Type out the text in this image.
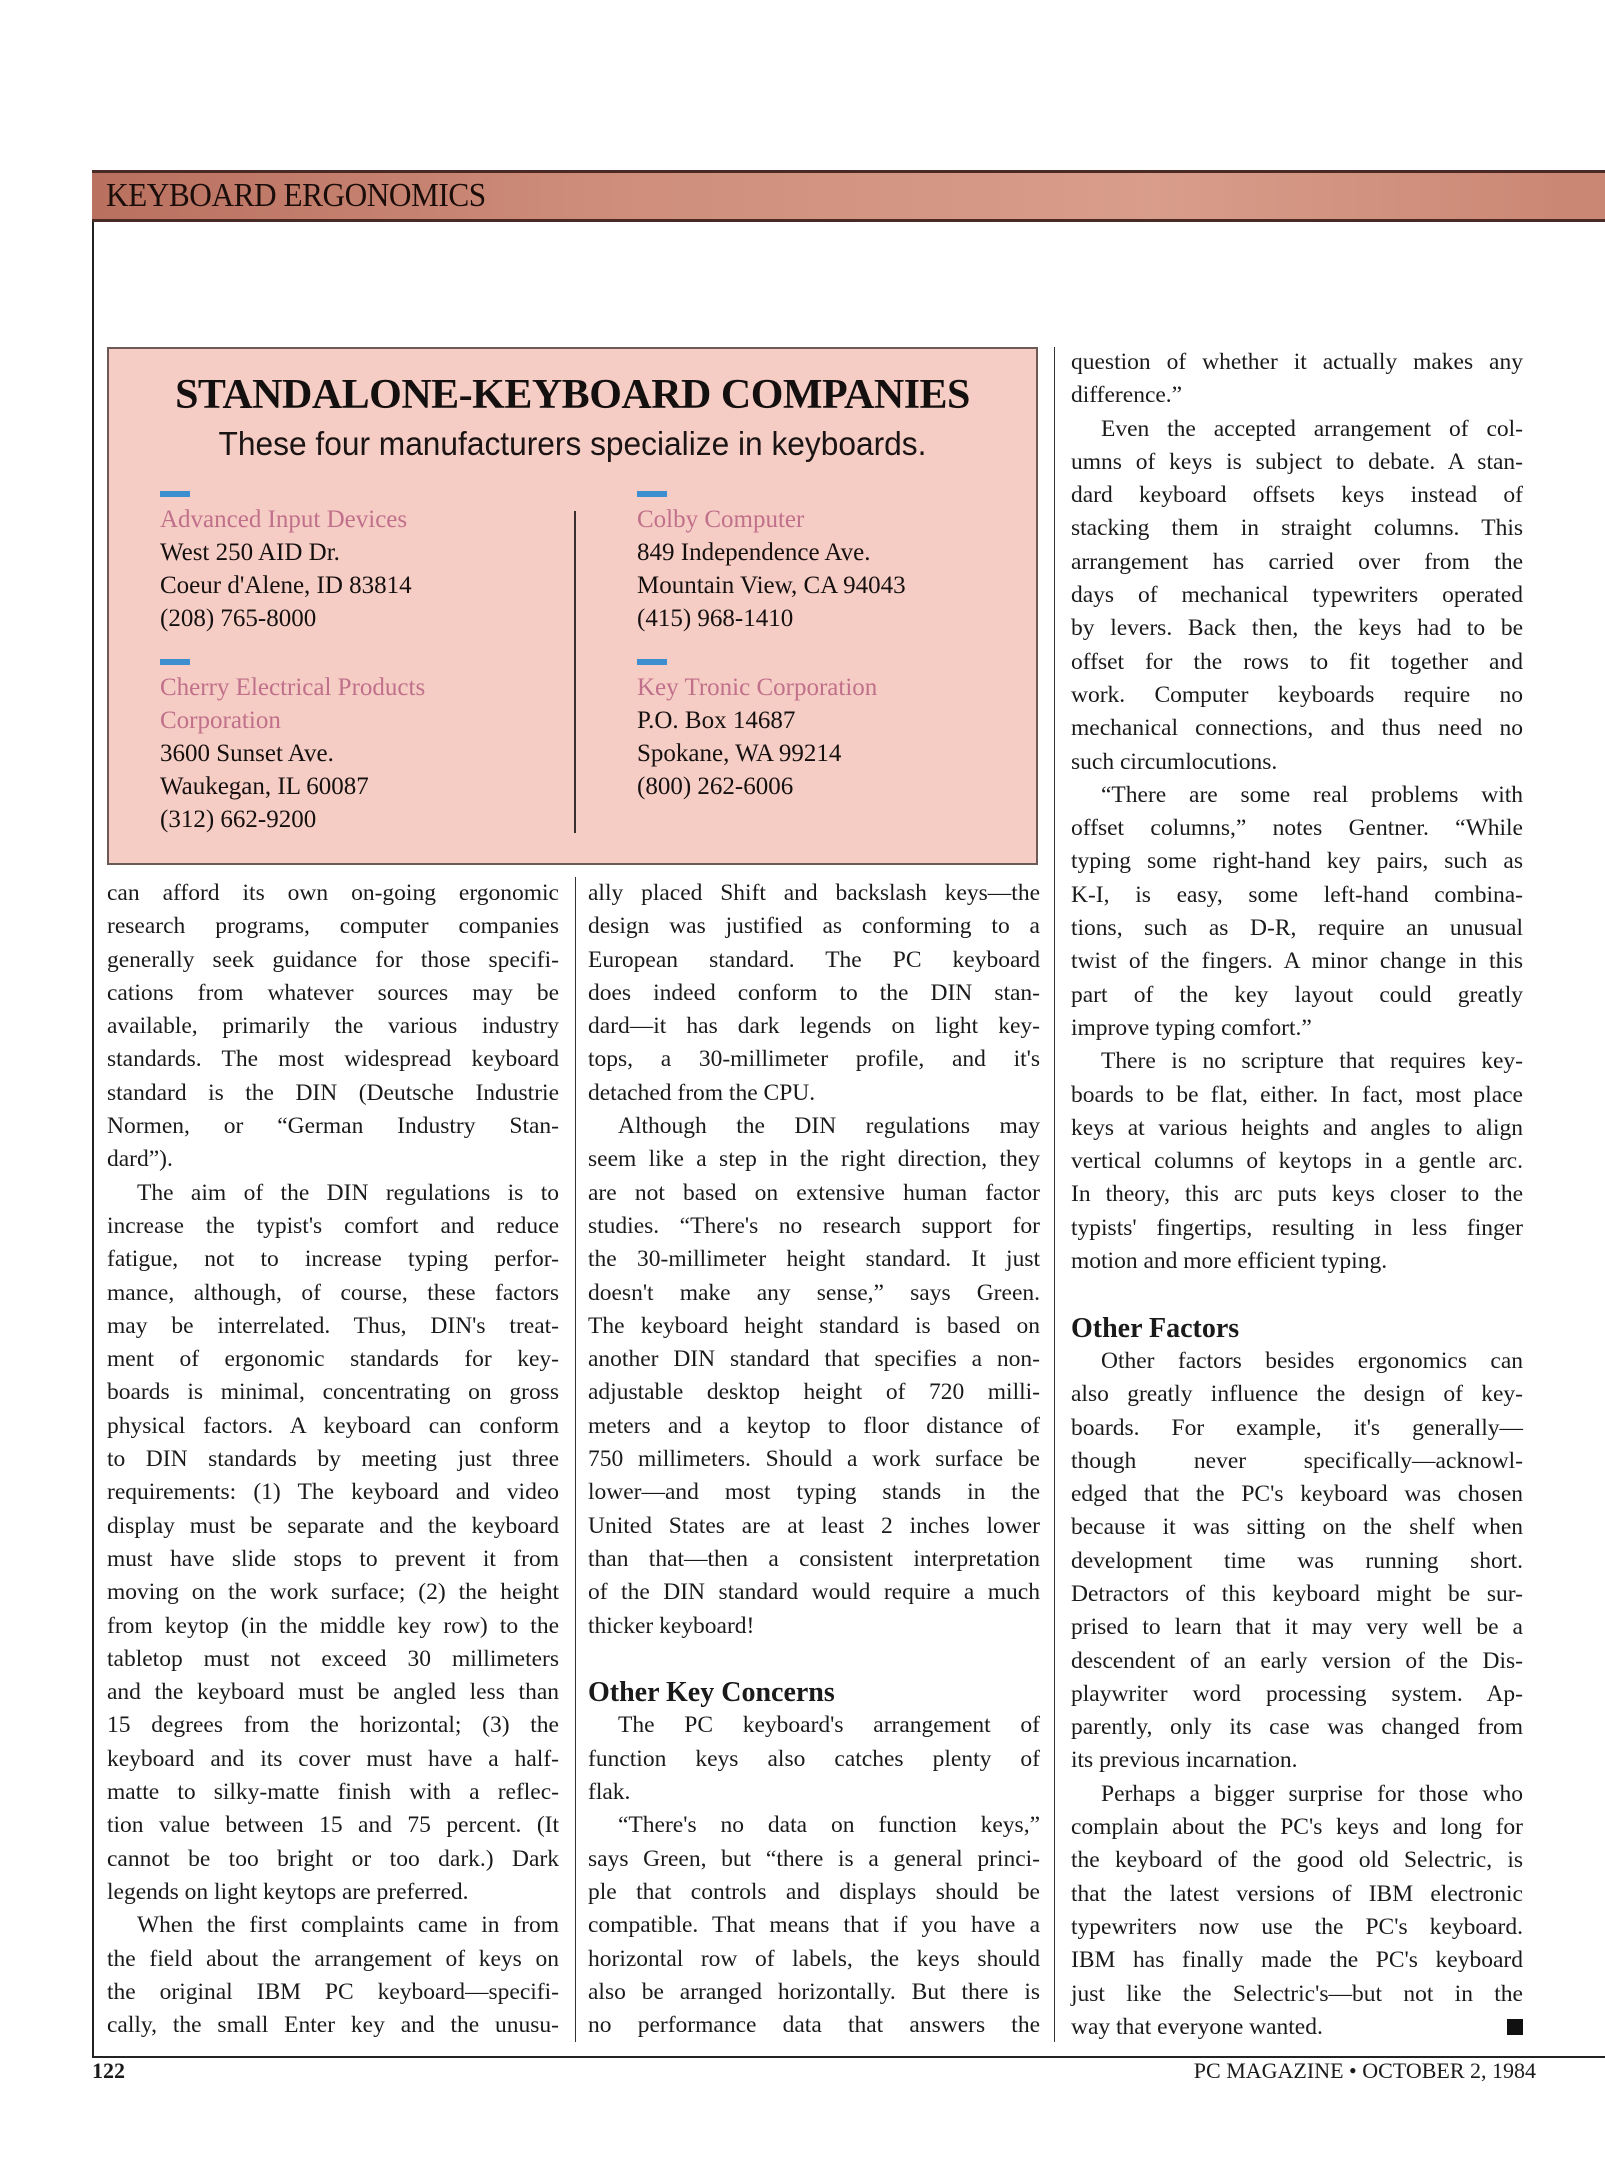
KEYBOARD ERGONOMICS
STANDALONE-KEYBOARD COMPANIES
These four manufacturers specialize in keyboards.
Advanced Input Devices
West 250 AID Dr.
Coeur d'Alene, ID 83814
(208) 765-8000
Colby Computer
849 Independence Ave.
Mountain View, CA 94043
(415) 968-1410
Cherry Electrical Products
Corporation
3600 Sunset Ave.
Waukegan, IL 60087
(312) 662-9200
Key Tronic Corporation
P.O. Box 14687
Spokane, WA 99214
(800) 262-6006
can afford its own on-going ergonomic
research programs, computer companies
generally seek guidance for those specifi-
cations from whatever sources may be
available, primarily the various industry
standards. The most widespread keyboard
standard is the DIN (Deutsche Industrie
Normen, or “German Industry Stan-
dard”).
The aim of the DIN regulations is to
increase the typist's comfort and reduce
fatigue, not to increase typing perfor-
mance, although, of course, these factors
may be interrelated. Thus, DIN's treat-
ment of ergonomic standards for key-
boards is minimal, concentrating on gross
physical factors. A keyboard can conform
to DIN standards by meeting just three
requirements: (1) The keyboard and video
display must be separate and the keyboard
must have slide stops to prevent it from
moving on the work surface; (2) the height
from keytop (in the middle key row) to the
tabletop must not exceed 30 millimeters
and the keyboard must be angled less than
15 degrees from the horizontal; (3) the
keyboard and its cover must have a half-
matte to silky-matte finish with a reflec-
tion value between 15 and 75 percent. (It
cannot be too bright or too dark.) Dark
legends on light keytops are preferred.
When the first complaints came in from
the field about the arrangement of keys on
the original IBM PC keyboard—specifi-
cally, the small Enter key and the unusu-
ally placed Shift and backslash keys—the
design was justified as conforming to a
European standard. The PC keyboard
does indeed conform to the DIN stan-
dard—it has dark legends on light key-
tops, a 30-millimeter profile, and it's
detached from the CPU.
Although the DIN regulations may
seem like a step in the right direction, they
are not based on extensive human factor
studies. “There's no research support for
the 30-millimeter height standard. It just
doesn't make any sense,” says Green.
The keyboard height standard is based on
another DIN standard that specifies a non-
adjustable desktop height of 720 milli-
meters and a keytop to floor distance of
750 millimeters. Should a work surface be
lower—and most typing stands in the
United States are at least 2 inches lower
than that—then a consistent interpretation
of the DIN standard would require a much
thicker keyboard!
Other Key Concerns
The PC keyboard's arrangement of
function keys also catches plenty of
flak.
“There's no data on function keys,”
says Green, but “there is a general princi-
ple that controls and displays should be
compatible. That means that if you have a
horizontal row of labels, the keys should
also be arranged horizontally. But there is
no performance data that answers the
question of whether it actually makes any
difference.”
Even the accepted arrangement of col-
umns of keys is subject to debate. A stan-
dard keyboard offsets keys instead of
stacking them in straight columns. This
arrangement has carried over from the
days of mechanical typewriters operated
by levers. Back then, the keys had to be
offset for the rows to fit together and
work. Computer keyboards require no
mechanical connections, and thus need no
such circumlocutions.
“There are some real problems with
offset columns,” notes Gentner. “While
typing some right-hand key pairs, such as
K-I, is easy, some left-hand combina-
tions, such as D-R, require an unusual
twist of the fingers. A minor change in this
part of the key layout could greatly
improve typing comfort.”
There is no scripture that requires key-
boards to be flat, either. In fact, most place
keys at various heights and angles to align
vertical columns of keytops in a gentle arc.
In theory, this arc puts keys closer to the
typists' fingertips, resulting in less finger
motion and more efficient typing.
Other Factors
Other factors besides ergonomics can
also greatly influence the design of key-
boards. For example, it's generally—
though never specifically—acknowl-
edged that the PC's keyboard was chosen
because it was sitting on the shelf when
development time was running short.
Detractors of this keyboard might be sur-
prised to learn that it may very well be a
descendent of an early version of the Dis-
playwriter word processing system. Ap-
parently, only its case was changed from
its previous incarnation.
Perhaps a bigger surprise for those who
complain about the PC's keys and long for
the keyboard of the good old Selectric, is
that the latest versions of IBM electronic
typewriters now use the PC's keyboard.
IBM has finally made the PC's keyboard
just like the Selectric's—but not in the
way that everyone wanted.
122	PC MAGAZINE • OCTOBER 2, 1984
